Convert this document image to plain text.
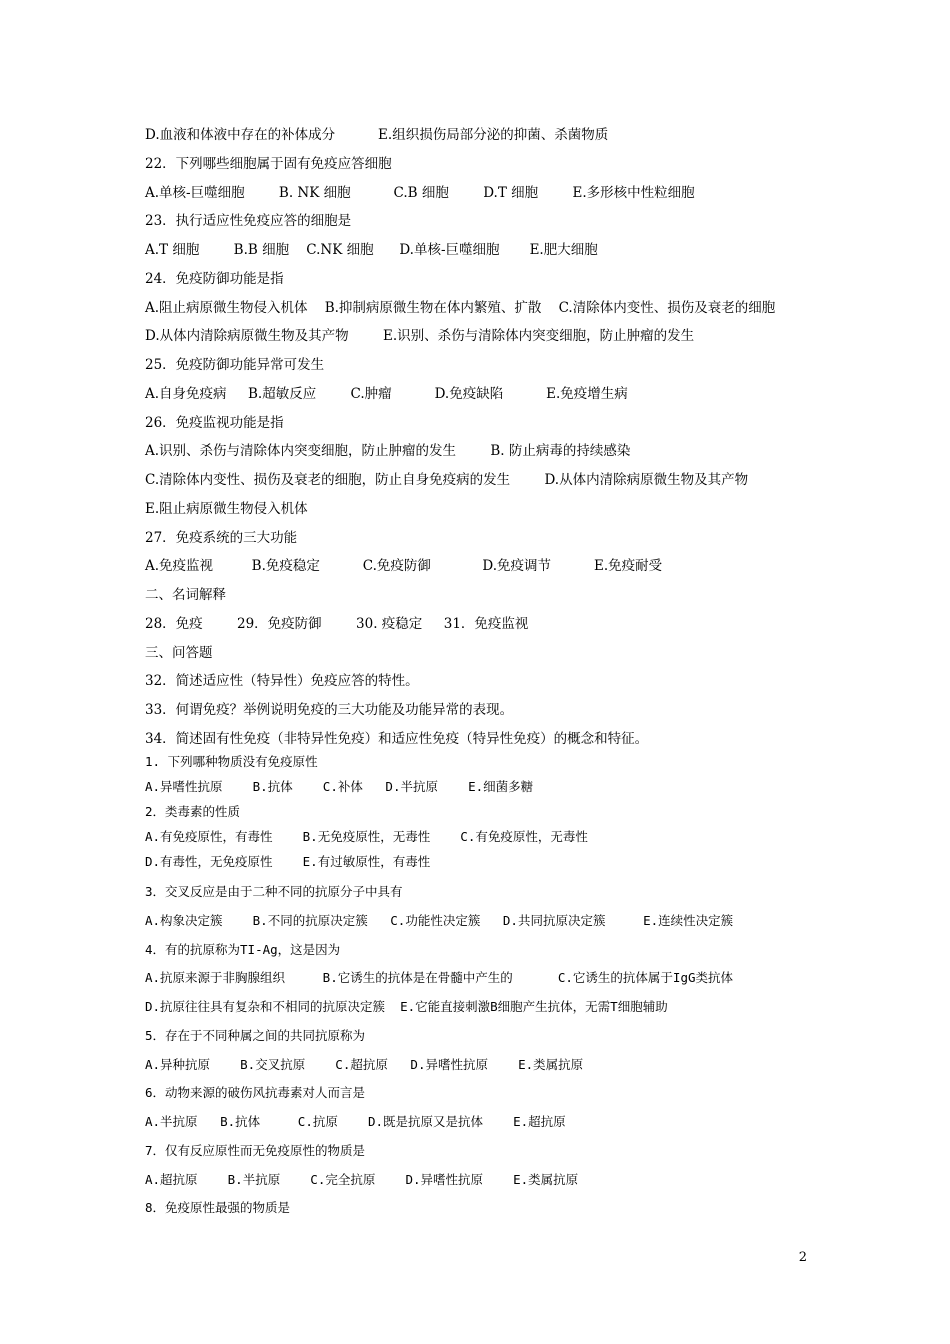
D.血液和体液中存在的补体成分          E.组织损伤局部分泌的抑菌、杀菌物质
22．下列哪些细胞属于固有免疫应答细胞
A.单核-巨噬细胞        B. NK 细胞          C.B 细胞        D.T 细胞        E.多形核中性粒细胞
23．执行适应性免疫应答的细胞是
A.T 细胞        B.B 细胞    C.NK 细胞      D.单核-巨噬细胞       E.肥大细胞
24．免疫防御功能是指
A.阻止病原微生物侵入机体    B.抑制病原微生物在体内繁殖、扩散    C.清除体内变性、损伤及衰老的细胞
D.从体内清除病原微生物及其产物        E.识别、杀伤与清除体内突变细胞，防止肿瘤的发生
25．免疫防御功能异常可发生
A.自身免疫病     B.超敏反应        C.肿瘤          D.免疫缺陷          E.免疫增生病
26．免疫监视功能是指
A.识别、杀伤与清除体内突变细胞，防止肿瘤的发生        B. 防止病毒的持续感染
C.清除体内变性、损伤及衰老的细胞，防止自身免疫病的发生        D.从体内清除病原微生物及其产物
E.阻止病原微生物侵入机体
27．免疫系统的三大功能
A.免疫监视         B.免疫稳定          C.免疫防御            D.免疫调节          E.免疫耐受
二、名词解释
28．免疫        29．免疫防御        30. 疫稳定     31．免疫监视
三、问答题
32．简述适应性（特异性）免疫应答的特性。
33．何谓免疫？举例说明免疫的三大功能及功能异常的表现。
34．简述固有性免疫（非特异性免疫）和适应性免疫（特异性免疫）的概念和特征。
1. 下列哪种物质没有免疫原性
A.异嗜性抗原    B.抗体    C.补体   D.半抗原    E.细菌多糖
2．类毒素的性质
A.有免疫原性，有毒性    B.无免疫原性，无毒性    C.有免疫原性，无毒性
D.有毒性，无免疫原性    E.有过敏原性，有毒性
3．交叉反应是由于二种不同的抗原分子中具有
A.构象决定簇    B.不同的抗原决定簇   C.功能性决定簇   D.共同抗原决定簇     E.连续性决定簇
4．有的抗原称为TI-Ag，这是因为
A.抗原来源于非胸腺组织     B.它诱生的抗体是在骨髓中产生的      C.它诱生的抗体属于IgG类抗体
D.抗原往往具有复杂和不相同的抗原决定簇  E.它能直接刺激B细胞产生抗体，无需T细胞辅助
5．存在于不同种属之间的共同抗原称为
A.异种抗原    B.交叉抗原    C.超抗原   D.异嗜性抗原    E.类属抗原
6．动物来源的破伤风抗毒素对人而言是
A.半抗原   B.抗体     C.抗原    D.既是抗原又是抗体    E.超抗原
7．仅有反应原性而无免疫原性的物质是
A.超抗原    B.半抗原    C.完全抗原    D.异嗜性抗原    E.类属抗原
8．免疫原性最强的物质是
2
